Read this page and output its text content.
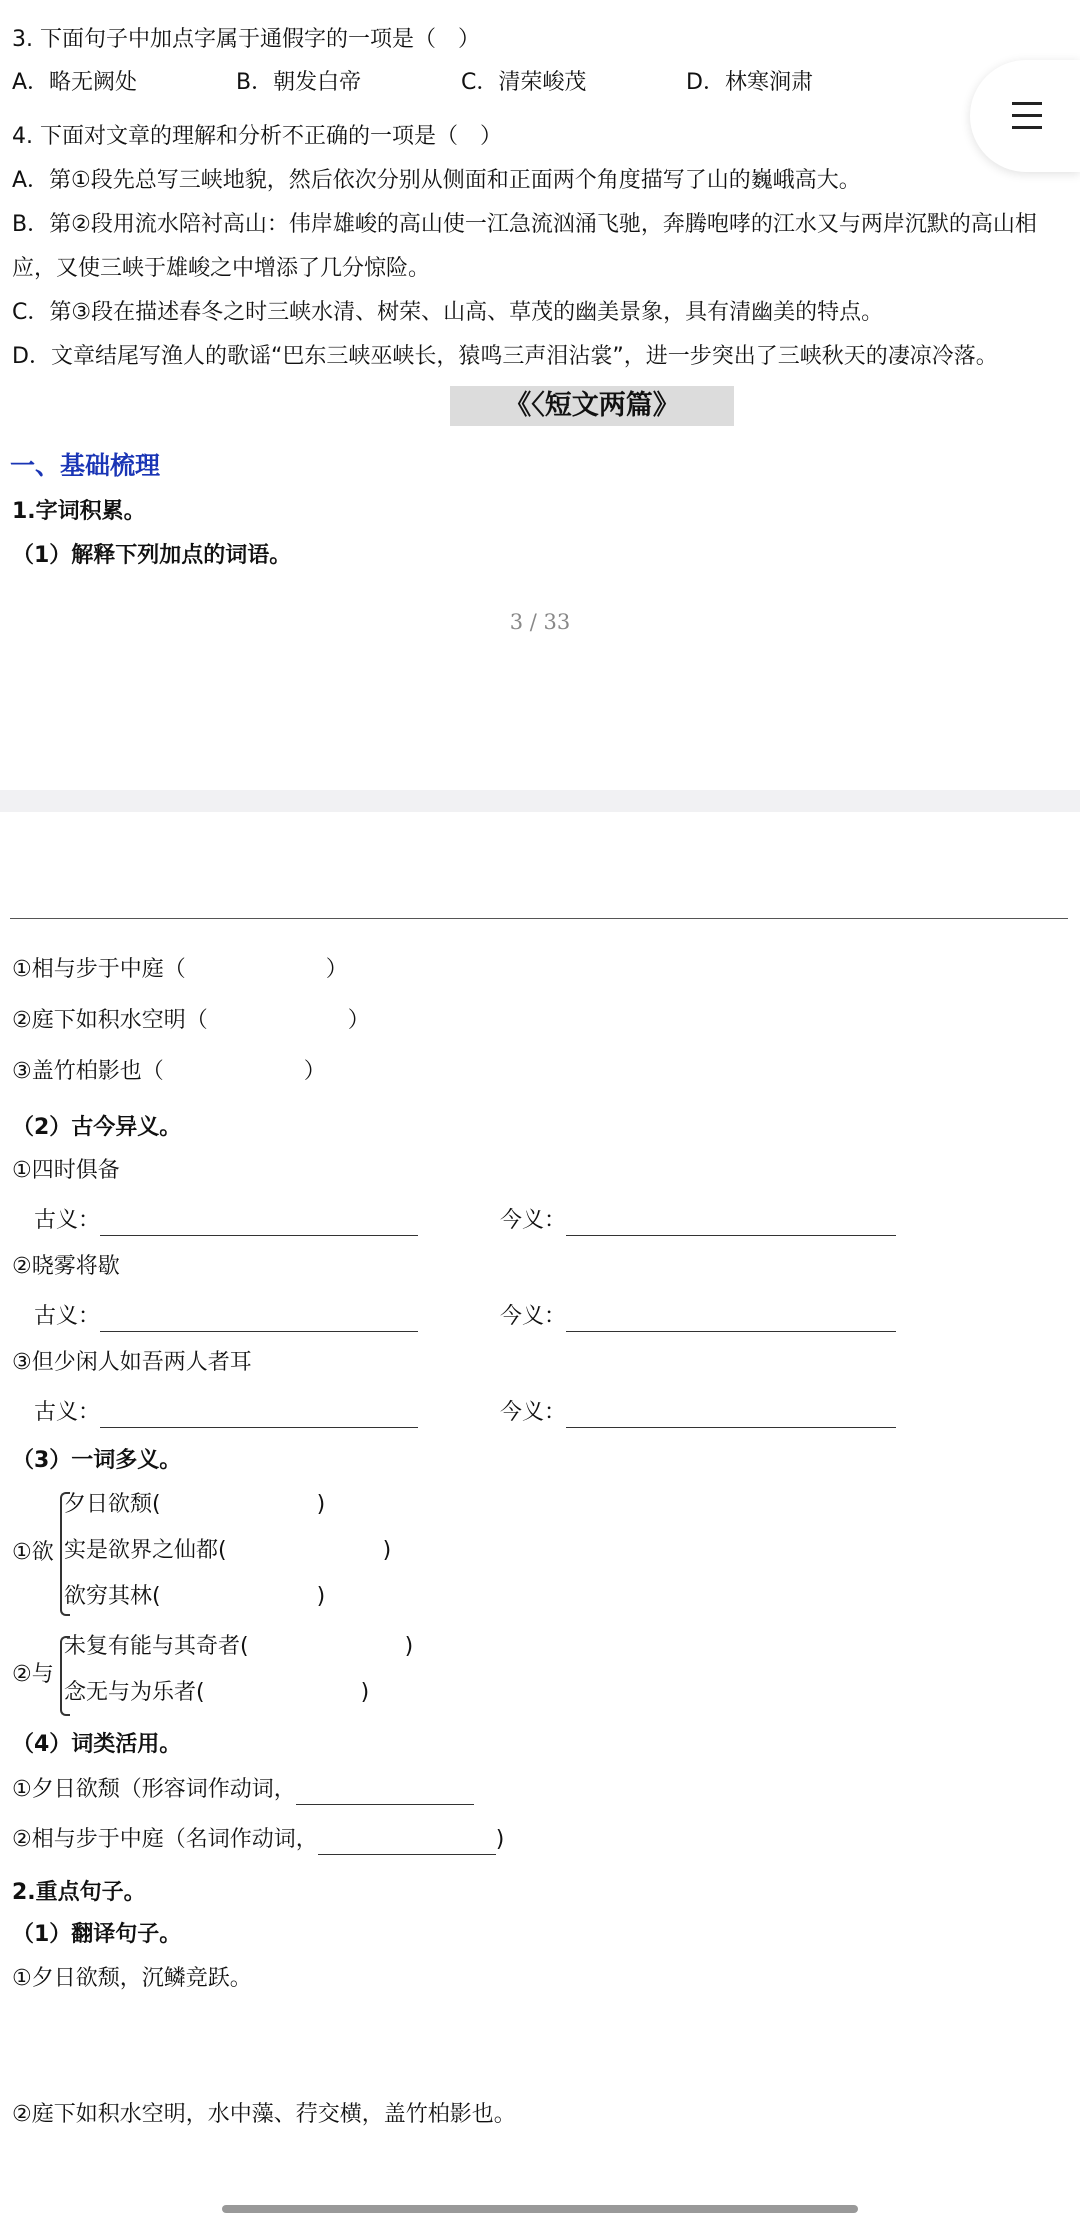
3. 下面句子中加点字属于通假字的一项是（　）
A．略无阙处	B．朝发白帝	C．清荣峻茂	D．林寒涧肃
4. 下面对文章的理解和分析不正确的一项是（　）
A．第①段先总写三峡地貌，然后依次分别从侧面和正面两个角度描写了山的巍峨高大。
B．第②段用流水陪衬高山：伟岸雄峻的高山使一江急流汹涌飞驰，奔腾咆哮的江水又与两岸沉默的高山相
应，又使三峡于雄峻之中增添了几分惊险。
C．第③段在描述春冬之时三峡水清、树荣、山高、草茂的幽美景象，具有清幽美的特点。
D．文章结尾写渔人的歌谣“巴东三峡巫峡长，猿鸣三声泪沾裳”，进一步突出了三峡秋天的凄凉冷落。
《〈短文两篇》
一、基础梳理
1.字词积累。
（1）解释下列加点的词语。
3 / 33
①相与步于中庭（	）
②庭下如积水空明（	）
③盖竹柏影也（	）
（2）古今异义。
①四时俱备
古义：	今义：
②晓雾将歇
古义：	今义：
③但少闲人如吾两人者耳
古义：	今义：
（3）一词多义。
①欲
夕日欲颓(	)
实是欲界之仙都(	)
欲穷其林(	)
②与
未复有能与其奇者(	)
念无与为乐者(	)
（4）词类活用。
①夕日欲颓（形容词作动词，
②相与步于中庭（名词作动词，	)
2.重点句子。
（1）翻译句子。
①夕日欲颓，沉鳞竞跃。
②庭下如积水空明，水中藻、荇交横，盖竹柏影也。
